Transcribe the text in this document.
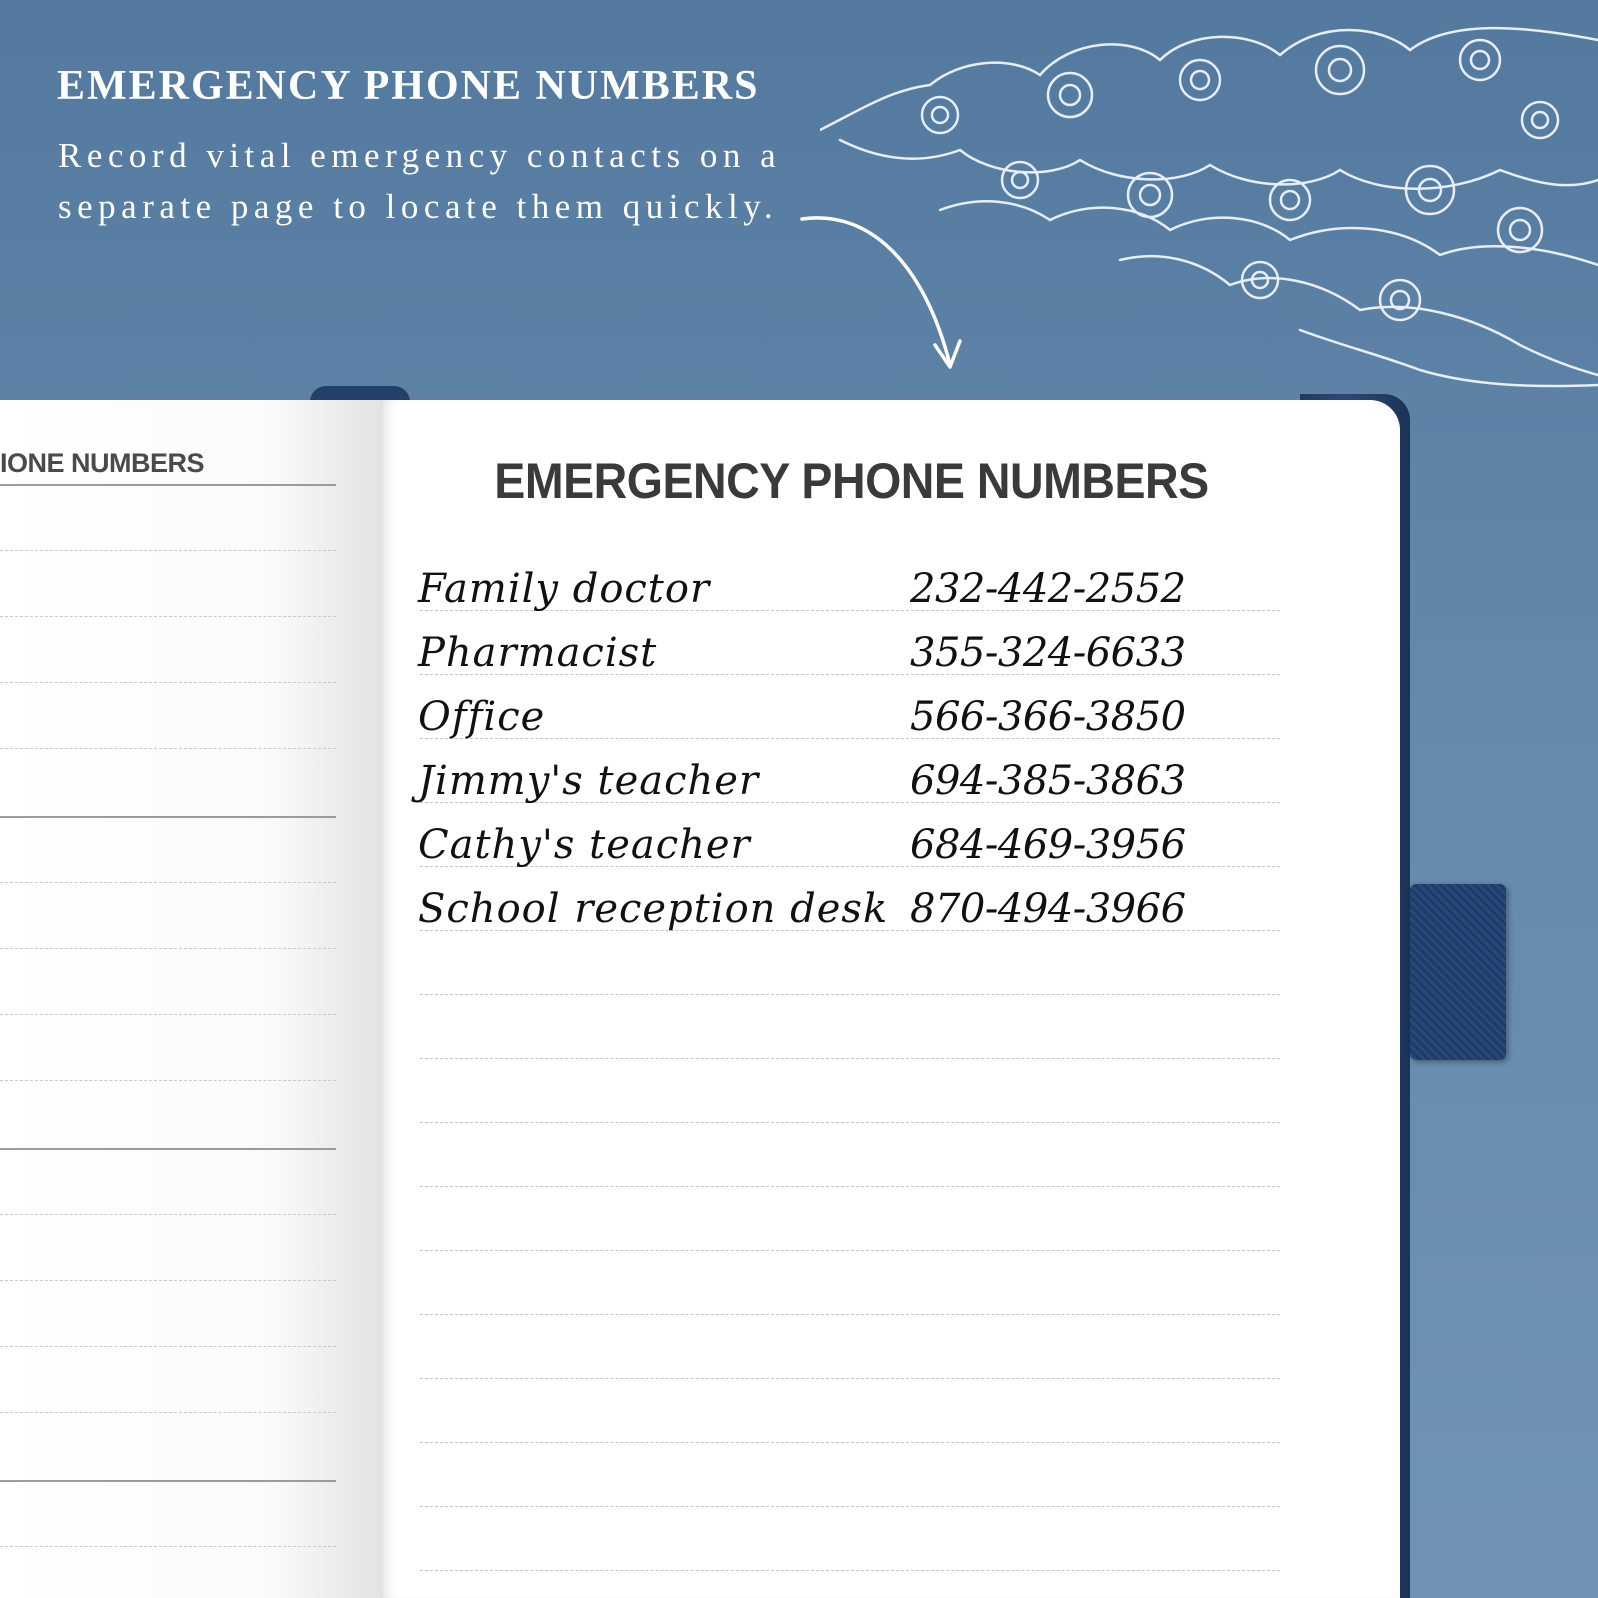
EMERGENCY PHONE NUMBERS

Record vital emergency contacts on a separate page to locate them quickly.

IONE NUMBERS	EMERGENCY PHONE NUMBERS

Family doctor	232-442-2552

Pharmacist	355-324-6633

Office	566-366-3850

Jimmy's teacher	694-385-3863

Cathy's teacher	684-469-3956

School reception desk 870-494-3966
